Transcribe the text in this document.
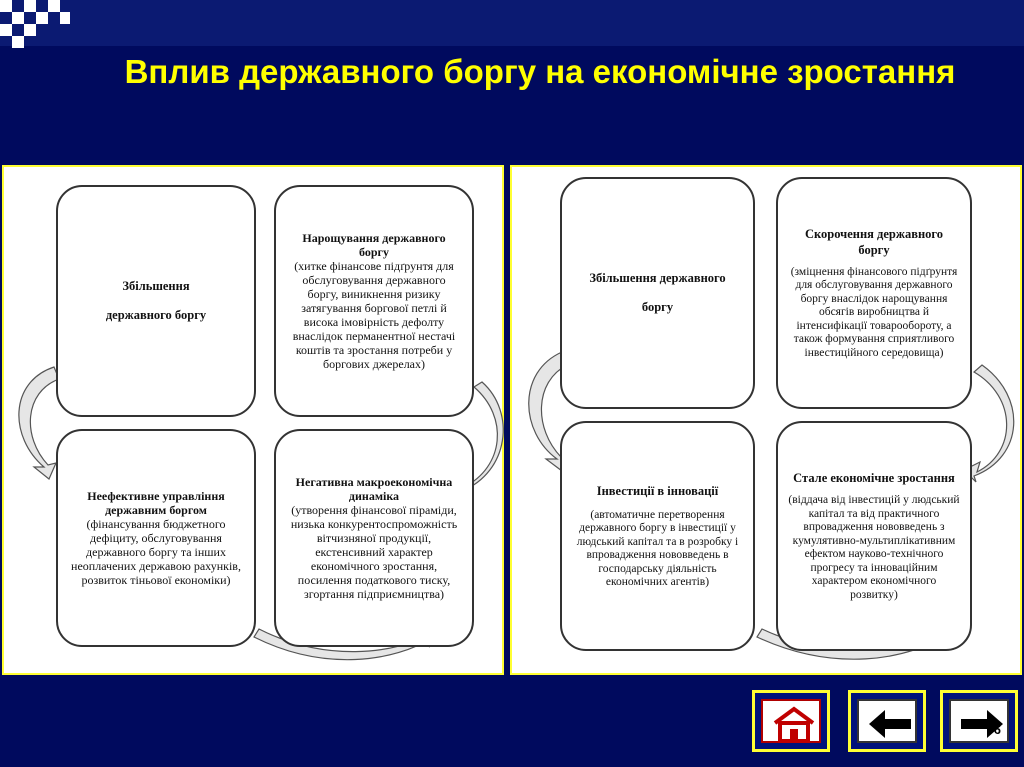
Вплив державного боргу на економічне зростання
Збільшення
державного боргу
Нарощування державного боргу
(хитке фінансове підґрунтя для обслуговування державного боргу, виникнення ризику затягування боргової петлі й висока імовірність дефолту внаслідок перманентної нестачі коштів та зростання потреби у боргових джерелах)
Неефективне управління державним боргом
(фінансування бюджетного дефіциту, обслуговування державного боргу та інших неоплачених державою рахунків, розвиток тіньової економіки)
Негативна макроекономічна динаміка
(утворення фінансової піраміди, низька конкурентоспроможність вітчизняної продукції, екстенсивний характер економічного зростання, посилення податкового тиску, згортання підприємництва)
Збільшення державного
боргу
Скорочення державного боргу
(зміцнення фінансового підґрунтя для обслуговування державного боргу внаслідок нарощування обсягів виробництва й інтенсифікації товарообороту, а також формування сприятливого інвестиційного середовища)
Інвестиції в інновації
(автоматичне перетворення державного боргу в інвестиції у людський капітал та в розробку і впровадження нововведень в господарську діяльність економічних агентів)
Стале економічне зростання
(віддача від інвестицій у людський капітал та від практичного впровадження нововведень з кумулятивно-мультиплікативним ефектом науково-технічного прогресу та інноваційним характером економічного розвитку)
6
